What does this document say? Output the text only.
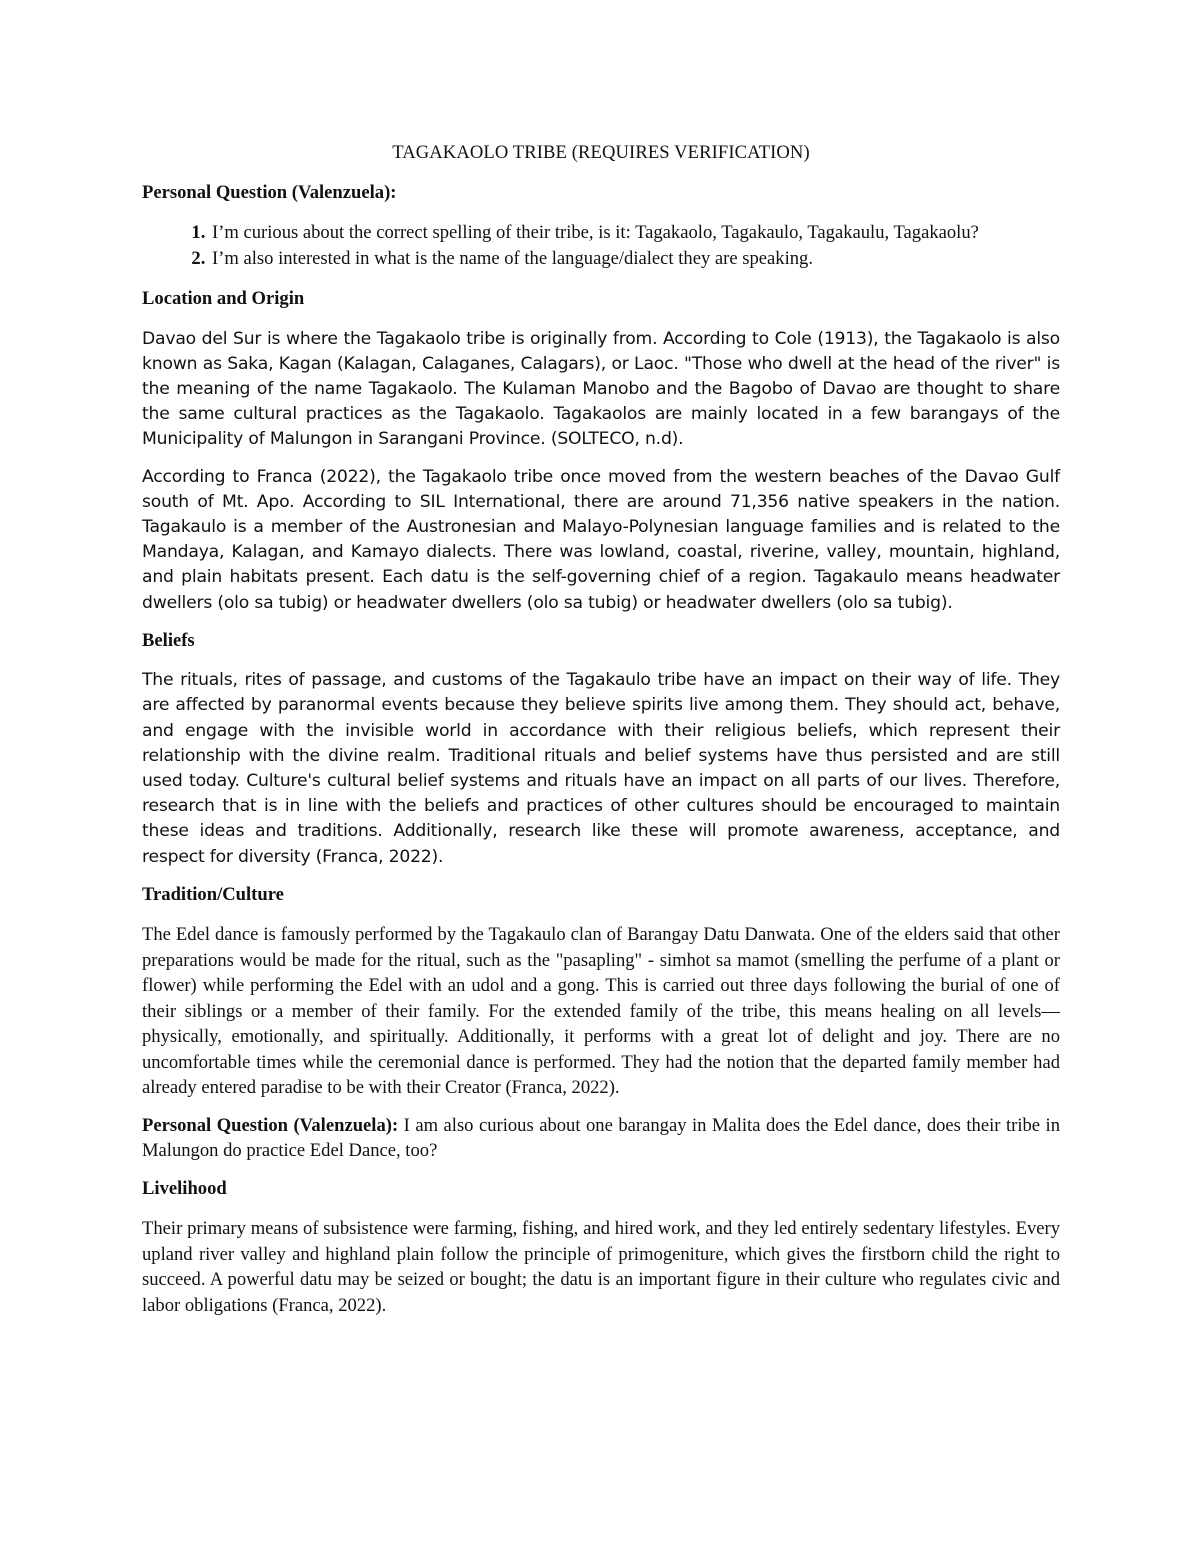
TAGAKAOLO TRIBE (REQUIRES VERIFICATION)
Personal Question (Valenzuela):
1. I’m curious about the correct spelling of their tribe, is it: Tagakaolo, Tagakaulo, Tagakaulu, Tagakaolu?
2. I’m also interested in what is the name of the language/dialect they are speaking.
Location and Origin

Davao del Sur is where the Tagakaolo tribe is originally from. According to Cole (1913), the Tagakaolo is also known as Saka, Kagan (Kalagan, Calaganes, Calagars), or Laoc. "Those who dwell at the head of the river" is the meaning of the name Tagakaolo. The Kulaman Manobo and the Bagobo of Davao are thought to share the same cultural practices as the Tagakaolo. Tagakaolos are mainly located in a few barangays of the Municipality of Malungon in Sarangani Province. (SOLTECO, n.d).

According to Franca (2022), the Tagakaolo tribe once moved from the western beaches of the Davao Gulf south of Mt. Apo. According to SIL International, there are around 71,356 native speakers in the nation. Tagakaulo is a member of the Austronesian and Malayo-Polynesian language families and is related to the Mandaya, Kalagan, and Kamayo dialects. There was lowland, coastal, riverine, valley, mountain, highland, and plain habitats present. Each datu is the self-governing chief of a region. Tagakaulo means headwater dwellers (olo sa tubig) or headwater dwellers (olo sa tubig) or headwater dwellers (olo sa tubig).

Beliefs

The rituals, rites of passage, and customs of the Tagakaulo tribe have an impact on their way of life. They are affected by paranormal events because they believe spirits live among them. They should act, behave, and engage with the invisible world in accordance with their religious beliefs, which represent their relationship with the divine realm. Traditional rituals and belief systems have thus persisted and are still used today. Culture's cultural belief systems and rituals have an impact on all parts of our lives. Therefore, research that is in line with the beliefs and practices of other cultures should be encouraged to maintain these ideas and traditions. Additionally, research like these will promote awareness, acceptance, and respect for diversity (Franca, 2022).

Tradition/Culture

The Edel dance is famously performed by the Tagakaulo clan of Barangay Datu Danwata. One of the elders said that other preparations would be made for the ritual, such as the "pasapling" - simhot sa mamot (smelling the perfume of a plant or flower) while performing the Edel with an udol and a gong. This is carried out three days following the burial of one of their siblings or a member of their family. For the extended family of the tribe, this means healing on all levels—physically, emotionally, and spiritually. Additionally, it performs with a great lot of delight and joy. There are no uncomfortable times while the ceremonial dance is performed. They had the notion that the departed family member had already entered paradise to be with their Creator (Franca, 2022).

Personal Question (Valenzuela): I am also curious about one barangay in Malita does the Edel dance, does their tribe in Malungon do practice Edel Dance, too?

Livelihood

Their primary means of subsistence were farming, fishing, and hired work, and they led entirely sedentary lifestyles. Every upland river valley and highland plain follow the principle of primogeniture, which gives the firstborn child the right to succeed. A powerful datu may be seized or bought; the datu is an important figure in their culture who regulates civic and labor obligations (Franca, 2022).
